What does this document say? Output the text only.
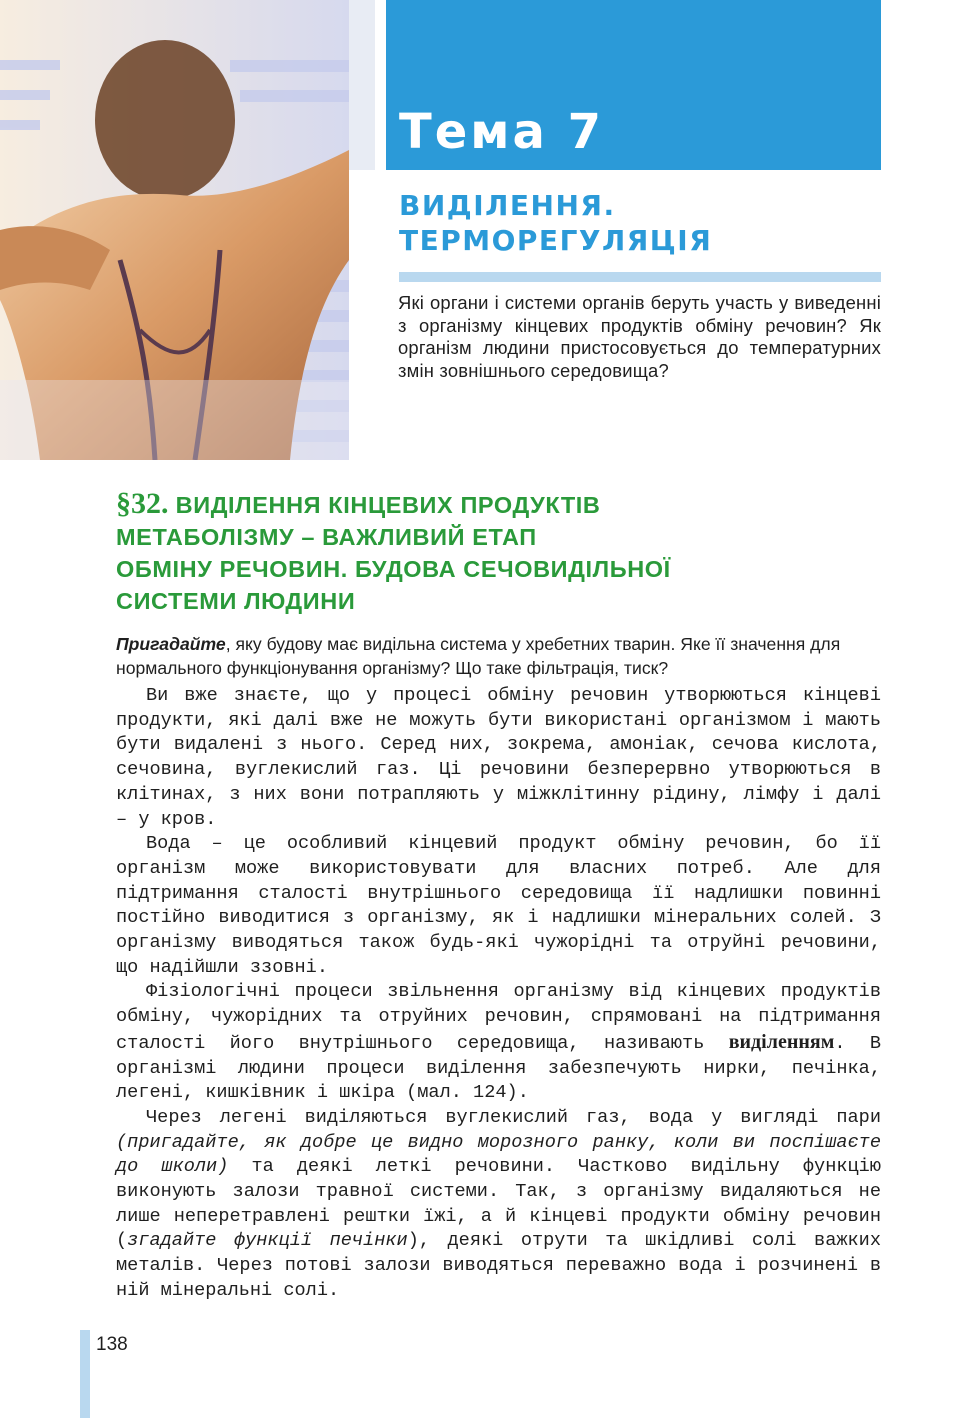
Тема 7
ВИДІЛЕННЯ.
ТЕРМОРЕГУЛЯЦІЯ

Які органи і системи органів беруть участь у виведенні з організму кінцевих продуктів обміну речовин? Як організм людини пристосовується до температурних змін зовнішнього середовища?

§32. ВИДІЛЕННЯ КІНЦЕВИХ ПРОДУКТІВ
МЕТАБОЛІЗМУ – ВАЖЛИВИЙ ЕТАП
ОБМІНУ РЕЧОВИН. БУДОВА СЕЧОВИДІЛЬНОЇ
СИСТЕМИ ЛЮДИНИ

Пригадайте, яку будову має видільна система у хребетних тварин. Яке її значення для нормального функціонування організму? Що таке фільтрація, тиск?

Ви вже знаєте, що у процесі обміну речовин утворюються кінцеві продукти, які далі вже не можуть бути використані організмом і мають бути видалені з нього. Серед них, зокрема, амоніак, сечова кислота, сечовина, вуглекислий газ. Ці речовини безперервно утворюються в клітинах, з них вони потрапляють у міжклітинну рідину, лімфу і далі – у кров.

Вода – це особливий кінцевий продукт обміну речовин, бо її організм може використовувати для власних потреб. Але для підтримання сталості внутрішнього середовища її надлишки повинні постійно виводитися з організму, як і надлишки мінеральних солей. З організму виводяться також будь-які чужорідні та отруйні речовини, що надійшли ззовні.

Фізіологічні процеси звільнення організму від кінцевих продуктів обміну, чужорідних та отруйних речовин, спрямовані на підтримання сталості його внутрішнього середовища, називають виділенням. В організмі людини процеси виділення забезпечують нирки, печінка, легені, кишківник і шкіра (мал. 124).

Через легені виділяються вуглекислий газ, вода у вигляді пари (пригадайте, як добре це видно морозного ранку, коли ви поспішаєте до школи) та деякі леткі речовини. Частково видільну функцію виконують залози травної системи. Так, з організму видаляються не лише неперетравлені рештки їжі, а й кінцеві продукти обміну речовин (згадайте функції печінки), деякі отрути та шкідливі солі важких металів. Через потові залози виводяться переважно вода і розчинені в ній мінеральні солі.

138
